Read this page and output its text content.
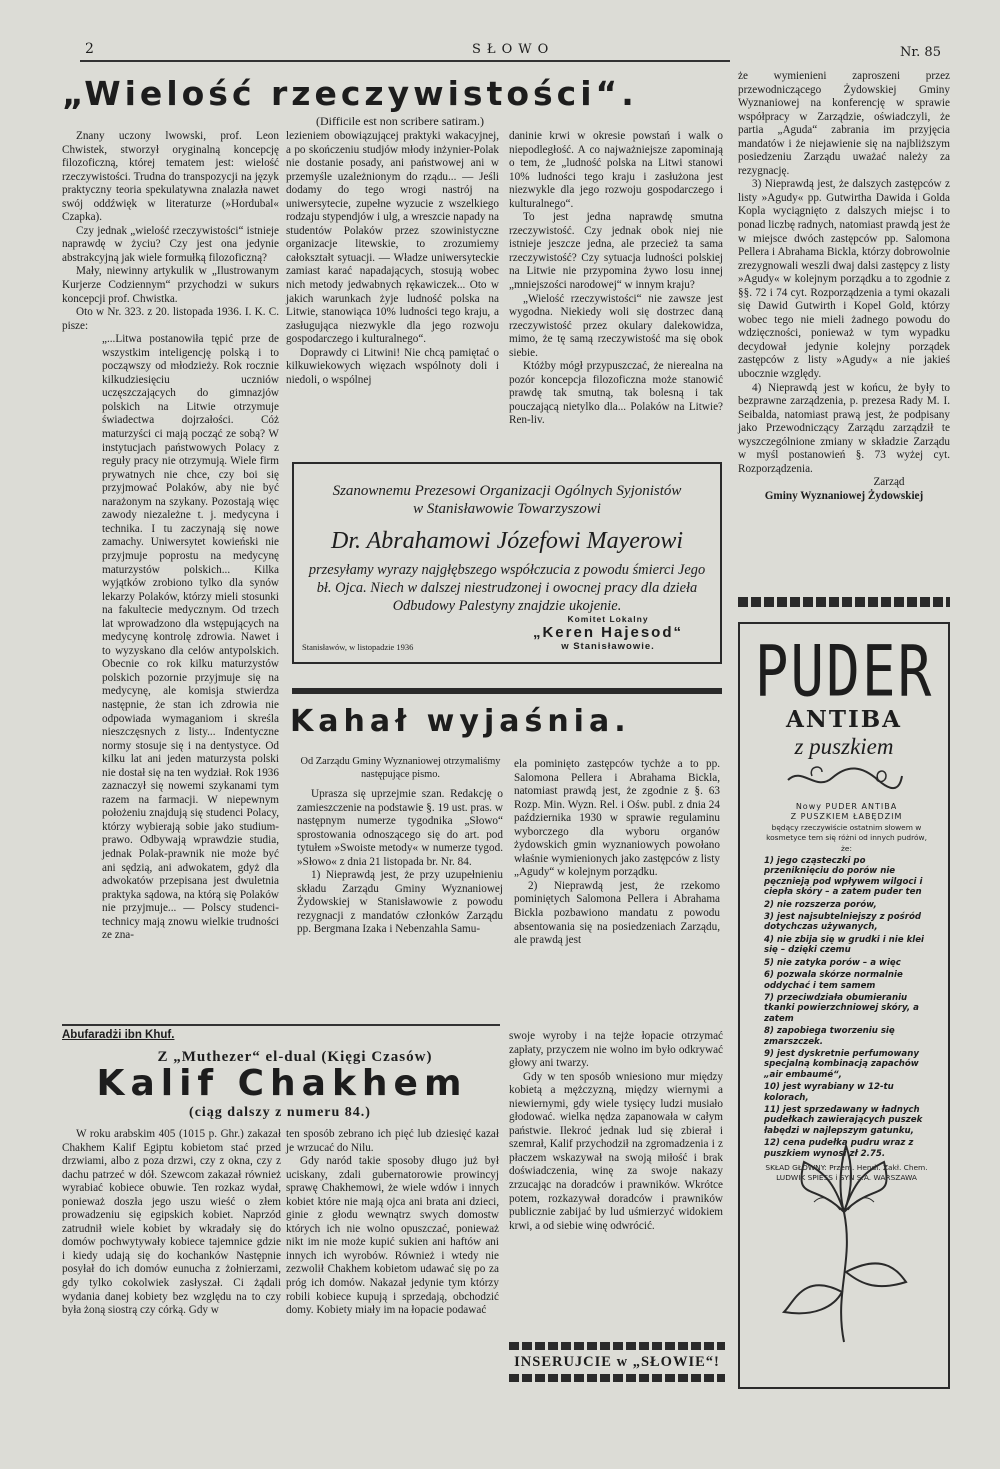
2	SŁOWO	Nr. 85
„Wielość rzeczywistości“.
(Difficile est non scribere satiram.)

Znany uczony lwowski, prof. Leon Chwistek, stworzył oryginalną koncepcję filozoficzną, której tematem jest: wielość rzeczywistości. Trudna do transpozycji na język praktyczny teoria spekulatywna znalazła nawet swój oddźwięk w literaturze (»Hordubal« Czapka).

Czy jednak „wielość rzeczywistości“ istnieje naprawdę w życiu? Czy jest ona jedynie abstrakcyjną jak wiele formułką filozoficzną?

Mały, niewinny artykulik w „Ilustrowanym Kurjerze Codziennym“ przychodzi w sukurs koncepcji prof. Chwistka.

Oto w Nr. 323. z 20. listopada 1936. I. K. C. pisze:

„...Litwa postanowiła tępić prze de wszystkim inteligencję polską i to począwszy od młodzieży. Rok rocznie kilkudziesięciu uczniów uczęszczających do gimnazjów polskich na Litwie otrzymuje świadectwa dojrzałości. Cóż maturzyści ci mają począć ze sobą? W instytucjach państwowych Polacy z reguły pracy nie otrzymują. Wiele firm prywatnych nie chce, czy boi się przyjmować Polaków, aby nie być narażonym na szykany. Pozostają więc zawody niezależne t. j. medycyna i technika. I tu zaczynają się nowe zamachy. Uniwersytet kowieński nie przyjmuje poprostu na medycynę maturzystów polskich... Kilka wyjątków zrobiono tylko dla synów lekarzy Polaków, którzy mieli stosunki na fakultecie medycznym. Od trzech lat wprowadzono dla wstępujących na medycynę kontrolę zdrowia. Nawet i to wyzyskano dla celów antypolskich. Obecnie co rok kilku maturzystów polskich pozornie przyjmuje się na medycynę, ale komisja stwierdza następnie, że stan ich zdrowia nie odpowiada wymaganiom i skreśla nieszczęsnych z listy... Indentyczne normy stosuje się i na dentystyce. Od kilku lat ani jeden maturzysta polski nie dostał się na ten wydział. Rok 1936 zaznaczył się nowemi szykanami tym razem na farmacji. W niepewnym położeniu znajdują się studenci Polacy, którzy wybierają sobie jako studium-prawo. Odbywają wprawdzie studia, jednak Polak-prawnik nie może być ani sędzią, ani adwokatem, gdyż dla adwokatów przepisana jest dwuletnia praktyka sądowa, na którą się Polaków nie przyjmuje... — Polscy studenci-technicy mają znowu wielkie trudności ze zna-

lezieniem obowiązującej praktyki wakacyjnej, a po skończeniu studjów młody inżynier-Polak nie dostanie posady, ani państwowej ani w przemyśle uzależnionym do rządu... — Jeśli dodamy do tego wrogi nastrój na uniwersytecie, zupełne wyzucie z wszelkiego rodzaju stypendjów i ulg, a wreszcie napady na studentów Polaków przez szowinistyczne organizacje litewskie, to zrozumiemy całokształt sytuacji. — Władze uniwersyteckie zamiast karać napadających, stosują wobec nich metody jedwabnych rękawiczek... Oto w jakich warunkach żyje ludność polska na Litwie, stanowiąca 10% ludności tego kraju, a zasługująca niezwykle dla jego rozwoju gospodarczego i kulturalnego“.

Doprawdy ci Litwini! Nie chcą pamiętać o kilkuwiekowych więzach wspólnoty doli i niedoli, o wspólnej

daninie krwi w okresie powstań i walk o niepodległość. A co najważniejsze zapominają o tem, że „ludność polska na Litwi stanowi 10% ludności tego kraju i zasłużona jest niezwykle dla jego rozwoju gospodarczego i kulturalnego“.

To jest jedna naprawdę smutna rzeczywistość. Czy jednak obok niej nie istnieje jeszcze jedna, ale przecież ta sama rzeczywistość? Czy sytuacja ludności polskiej na Litwie nie przypomina żywo losu innej „mniejszości narodowej“ w innym kraju?

„Wielość rzeczywistości“ nie zawsze jest wygodna. Niekiedy woli się dostrzec daną rzeczywistość przez okulary dalekowidza, mimo, że tę samą rzeczywistość ma się obok siebie.

Któżby mógł przypuszczać, że nierealna na pozór koncepcja filozoficzna może stanowić prawdę tak smutną, tak bolesną i tak pouczającą nietylko dla... Polaków na Litwie? Ren-liv.

Szanownemu Prezesowi Organizacji Ogólnych Syjonistów
w Stanisławowie Towarzyszowi
Dr. Abrahamowi Józefowi Mayerowi
przesyłamy wyrazy najgłębszego współczucia z powodu śmierci Jego bł. Ojca. Niech w dalszej niestrudzonej i owocnej pracy dla dzieła Odbudowy Palestyny znajdzie ukojenie.
Komitet Lokalny
„Keren Hajesod“
w Stanisławowie.
Stanisławów, w listopadzie 1936
Kahał wyjaśnia.
Od Zarządu Gminy Wyznaniowej otrzymaliśmy następujące pismo.

Uprasza się uprzejmie szan. Redakcję o zamieszczenie na podstawie §. 19 ust. pras. w następnym numerze tygodnika „Słowo“ sprostowania odnoszącego się do art. pod tytułem »Swoiste metody« w numerze tygod. »Słowo« z dnia 21 listopada br. Nr. 84.

1) Nieprawdą jest, że przy uzupełnieniu składu Zarządu Gminy Wyznaniowej Żydowskiej w Stanisławowie z powodu rezygnacji z mandatów członków Zarządu pp. Bergmana Izaka i Nebenzahla Samu-

ela pominięto zastępców tychże a to pp. Salomona Pellera i Abrahama Bickla, natomiast prawdą jest, że zgodnie z §. 63 Rozp. Min. Wyzn. Rel. i Ośw. publ. z dnia 24 października 1930 w sprawie regulaminu wyborczego dla wyboru organów żydowskich gmin wyznaniowych powołano właśnie wymienionych jako zastępców z listy „Agudy“ w kolejnym porządku.

2) Nieprawdą jest, że rzekomo pominiętych Salomona Pellera i Abrahama Bickla pozbawiono mandatu z powodu absentowania się na posiedzeniach Zarządu, ale prawdą jest

że wymienieni zaproszeni przez przewodniczącego Żydowskiej Gminy Wyznaniowej na konferencję w sprawie współpracy w Zarządzie, oświadczyli, że partia „Aguda“ zabrania im przyjęcia mandatów i że niejawienie się na najbliższym posiedzeniu Zarządu uważać należy za rezygnację.

3) Nieprawdą jest, że dalszych zastępców z listy »Agudy« pp. Gutwirtha Dawida i Golda Kopla wyciągnięto z dalszych miejsc i to ponad liczbę radnych, natomiast prawdą jest że w miejsce dwóch zastępców pp. Salomona Pellera i Abrahama Bickla, którzy dobrowolnie zrezygnowali weszli dwaj dalsi zastępcy z listy »Agudy« w kolejnym porządku a to zgodnie z §§. 72 i 74 cyt. Rozporządzenia a tymi okazali się Dawid Gutwirth i Kopel Gold, którzy wobec tego nie mieli żadnego powodu do wdzięczności, ponieważ w tym wypadku decydował jedynie kolejny porządek zastępców z listy »Agudy« a nie jakieś ubocznie względy.

4) Nieprawdą jest w końcu, że były to bezprawne zarządzenia, p. prezesa Rady M. I. Seibalda, natomiast prawą jest, że podpisany jako Przewodniczący Zarządu zarządził te wyszczególnione zmiany w składzie Zarządu w myśl postanowień §. 73 wyżej cyt. Rozporządzenia.

Zarząd

Gminy Wyznaniowej Żydowskiej

Abufaradżi ibn Khuf.
Z „Muthezer“ el-dual (Kięgi Czasów)
Kalif Chakhem
(ciąg dalszy z numeru 84.)

W roku arabskim 405 (1015 p. Ghr.) zakazał Chakhem Kalif Egiptu kobietom stać przed drzwiami, albo z poza drzwi, czy z okna, czy z dachu patrzeć w dół. Szewcom zakazał również wyrabiać kobiece obuwie. Ten rozkaz wydał, ponieważ doszła jego uszu wieść o złem prowadzeniu się egipskich kobiet. Naprzód zatrudnił wiele kobiet by wkradały się do domów pochwytywały kobiece tajemnice gdzie i kiedy udają się do kochanków Następnie posyłał do ich domów eunucha z żołnierzami, gdy tylko cokolwiek zasłyszał. Ci żądali wydania danej kobiety bez względu na to czy była żoną siostrą czy córką. Gdy w

ten sposób zebrano ich pięć lub dziesięć kazał je wrzucać do Nilu.

Gdy naród takie sposoby długo już był uciskany, zdali gubernatorowie prowincyj sprawę Chakhemowi, że wiele wdów i innych kobiet które nie mają ojca ani brata ani dzieci, ginie z głodu wewnątrz swych domostw których ich nie wolno opuszczać, ponieważ nikt im nie może kupić sukien ani haftów ani innych ich wyrobów. Również i wtedy nie zezwolił Chakhem kobietom udawać się po za próg ich domów. Nakazał jedynie tym którzy robili kobiece kupują i sprzedają, obchodzić domy. Kobiety miały im na łopacie podawać

swoje wyroby i na tejże łopacie otrzymać zapłaty, przyczem nie wolno im było odkrywać głowy ani twarzy.

Gdy w ten sposób wniesiono mur między kobietą a mężczyzną, między wiernymi a niewiernymi, gdy wiele tysięcy ludzi musiało głodować. wielka nędza zapanowała w całym państwie. Ilekroć jednak lud się zbierał i szemrał, Kalif przychodził na zgromadzenia i z płaczem wskazywał na swoją miłość i brak doświadczenia, winę za swoje nakazy zrzucając na doradców i prawników. Wkrótce potem, rozkazywał doradców i prawników publicznie zabijać by lud uśmierzyć widokiem krwi, a od siebie winę odwrócić.

INSERUJCIE w „SŁOWIE“!
PUDER
ANTIBA
z puszkiem
Nowy PUDER ANTIBA
Z PUSZKIEM ŁABĘDZIM
będący rzeczywiście ostatnim słowem w kosmetyce tem się różni od innych pudrów, że:
1) jego cząsteczki po przeniknięciu do porów nie pęcznieją pod wpływem wilgoci i ciepła skóry – a zatem puder ten
2) nie rozszerza porów,
3) jest najsubtelniejszy z pośród dotychczas używanych,
4) nie zbija się w grudki i nie klei się – dzięki czemu
5) nie zatyka porów – a więc
6) pozwala skórze normalnie oddychać i tem samem
7) przeciwdziała obumieraniu tkanki powierzchniowej skóry, a zatem
8) zapobiega tworzeniu się zmarszczek.
9) jest dyskretnie perfumowany specjalną kombinacją zapachów „air embaumé“,
10) jest wyrabiany w 12-tu kolorach,
11) jest sprzedawany w ładnych pudełkach zawierających puszek łabędzi w najlepszym gatunku,
12) cena pudełka pudru wraz z puszkiem wynosi zł 2.75.
SKŁAD GŁÓWNY: Przem. Hendl. Zakł. Chem. LUDWIK SPIESS i SYN S.A. WARSZAWA
